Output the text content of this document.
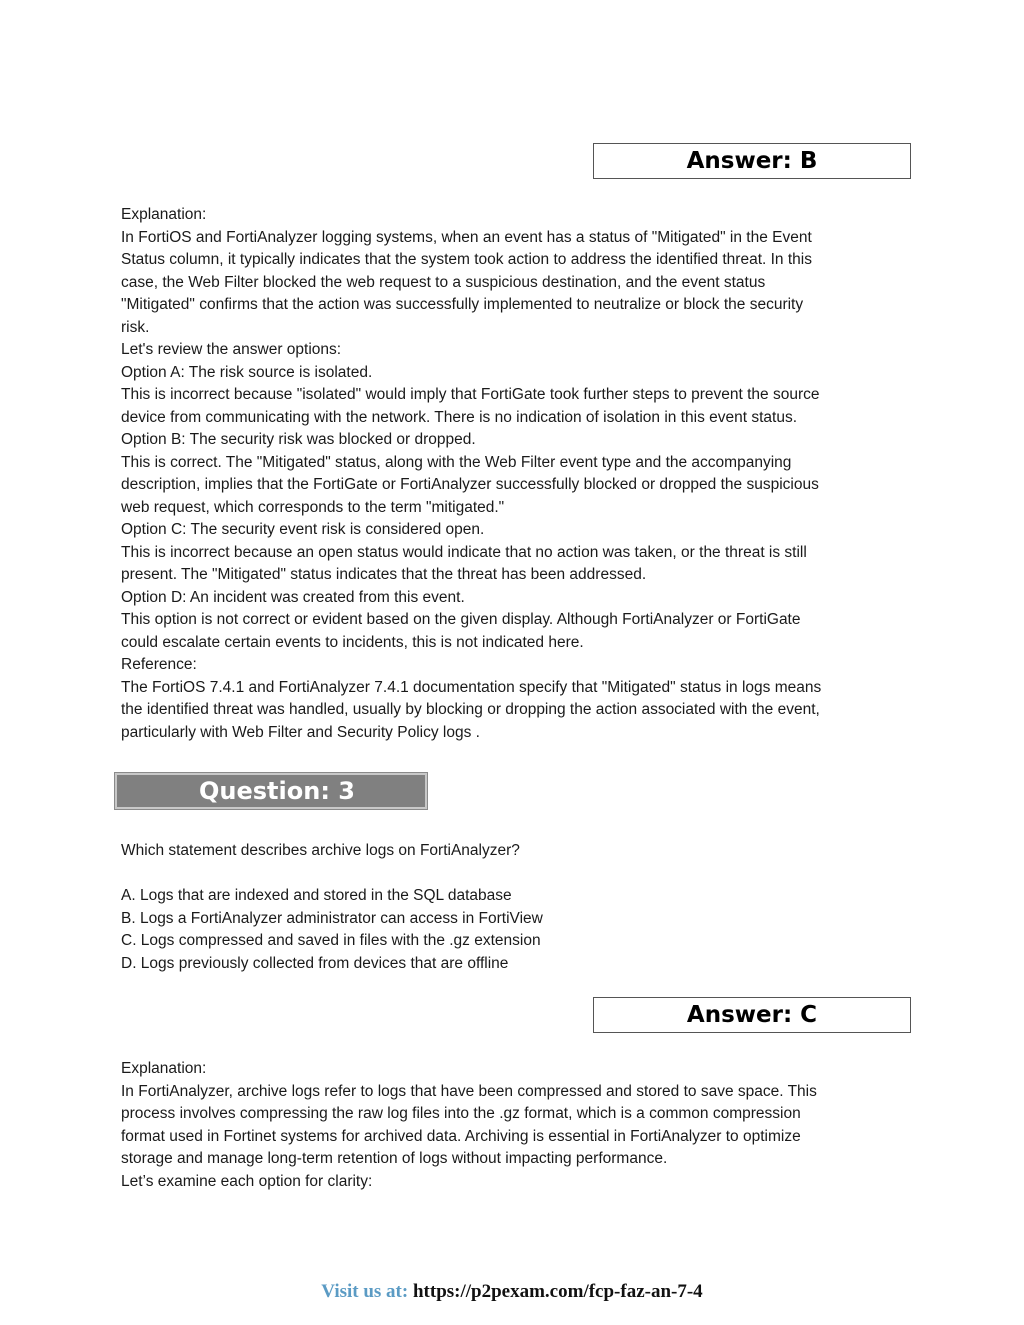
Answer: B
Explanation:
In FortiOS and FortiAnalyzer logging systems, when an event has a status of "Mitigated" in the Event
Status column, it typically indicates that the system took action to address the identified threat. In this
case, the Web Filter blocked the web request to a suspicious destination, and the event status
"Mitigated" confirms that the action was successfully implemented to neutralize or block the security
risk.
Let's review the answer options:
Option A: The risk source is isolated.
This is incorrect because "isolated" would imply that FortiGate took further steps to prevent the source
device from communicating with the network. There is no indication of isolation in this event status.
Option B: The security risk was blocked or dropped.
This is correct. The "Mitigated" status, along with the Web Filter event type and the accompanying
description, implies that the FortiGate or FortiAnalyzer successfully blocked or dropped the suspicious
web request, which corresponds to the term "mitigated."
Option C: The security event risk is considered open.
This is incorrect because an open status would indicate that no action was taken, or the threat is still
present. The "Mitigated" status indicates that the threat has been addressed.
Option D: An incident was created from this event.
This option is not correct or evident based on the given display. Although FortiAnalyzer or FortiGate
could escalate certain events to incidents, this is not indicated here.
Reference:
The FortiOS 7.4.1 and FortiAnalyzer 7.4.1 documentation specify that "Mitigated" status in logs means
the identified threat was handled, usually by blocking or dropping the action associated with the event,
particularly with Web Filter and Security Policy logs .
Question: 3
Which statement describes archive logs on FortiAnalyzer?
A. Logs that are indexed and stored in the SQL database
B. Logs a FortiAnalyzer administrator can access in FortiView
C. Logs compressed and saved in files with the .gz extension
D. Logs previously collected from devices that are offline
Answer: C
Explanation:
In FortiAnalyzer, archive logs refer to logs that have been compressed and stored to save space. This
process involves compressing the raw log files into the .gz format, which is a common compression
format used in Fortinet systems for archived data. Archiving is essential in FortiAnalyzer to optimize
storage and manage long-term retention of logs without impacting performance.
Let’s examine each option for clarity:
Visit us at: https://p2pexam.com/fcp-faz-an-7-4
